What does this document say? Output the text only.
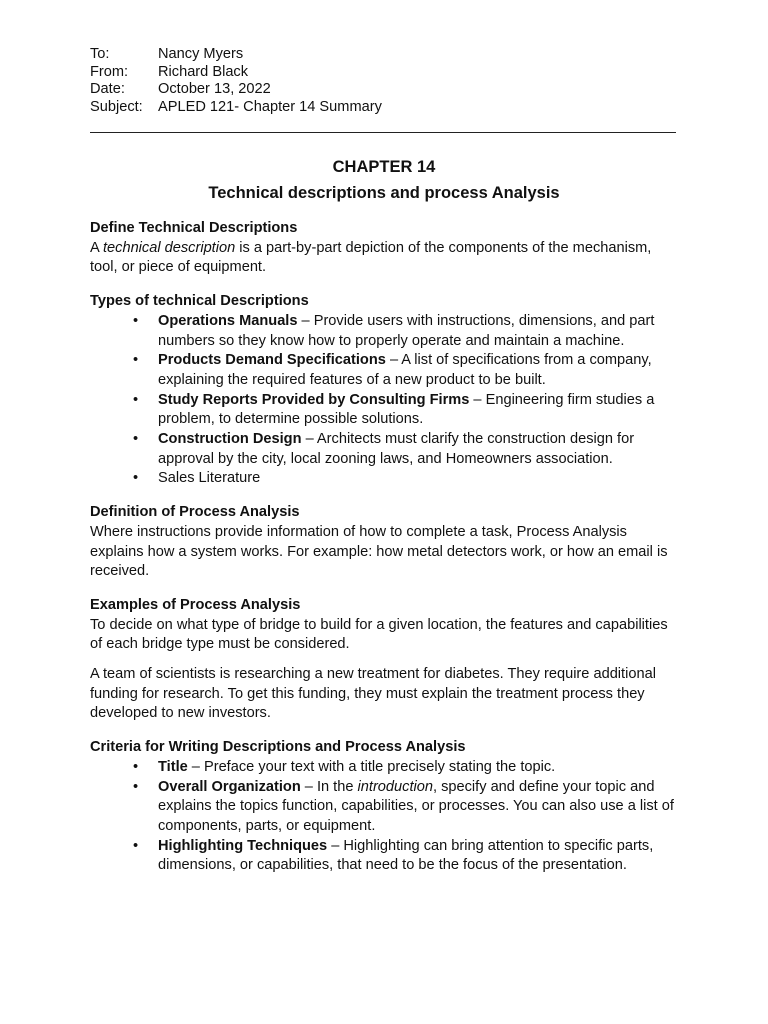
To:	Nancy Myers
From:	Richard Black
Date:	October 13, 2022
Subject:	APLED 121- Chapter 14 Summary
CHAPTER 14
Technical descriptions and process Analysis
Define Technical Descriptions

A technical description is a part-by-part depiction of the components of the mechanism, tool, or piece of equipment.

Types of technical Descriptions
• Operations Manuals – Provide users with instructions, dimensions, and part numbers so they know how to properly operate and maintain a machine.
• Products Demand Specifications – A list of specifications from a company, explaining the required features of a new product to be built.
• Study Reports Provided by Consulting Firms – Engineering firm studies a problem, to determine possible solutions.
• Construction Design – Architects must clarify the construction design for approval by the city, local zooning laws, and Homeowners association.
• Sales Literature
Definition of Process Analysis

Where instructions provide information of how to complete a task, Process Analysis explains how a system works. For example: how metal detectors work, or how an email is received.

Examples of Process Analysis

To decide on what type of bridge to build for a given location, the features and capabilities of each bridge type must be considered.

A team of scientists is researching a new treatment for diabetes. They require additional funding for research. To get this funding, they must explain the treatment process they developed to new investors.

Criteria for Writing Descriptions and Process Analysis
• Title – Preface your text with a title precisely stating the topic.
• Overall Organization – In the introduction, specify and define your topic and explains the topics function, capabilities, or processes. You can also use a list of components, parts, or equipment.
• Highlighting Techniques – Highlighting can bring attention to specific parts, dimensions, or capabilities, that need to be the focus of the presentation.
